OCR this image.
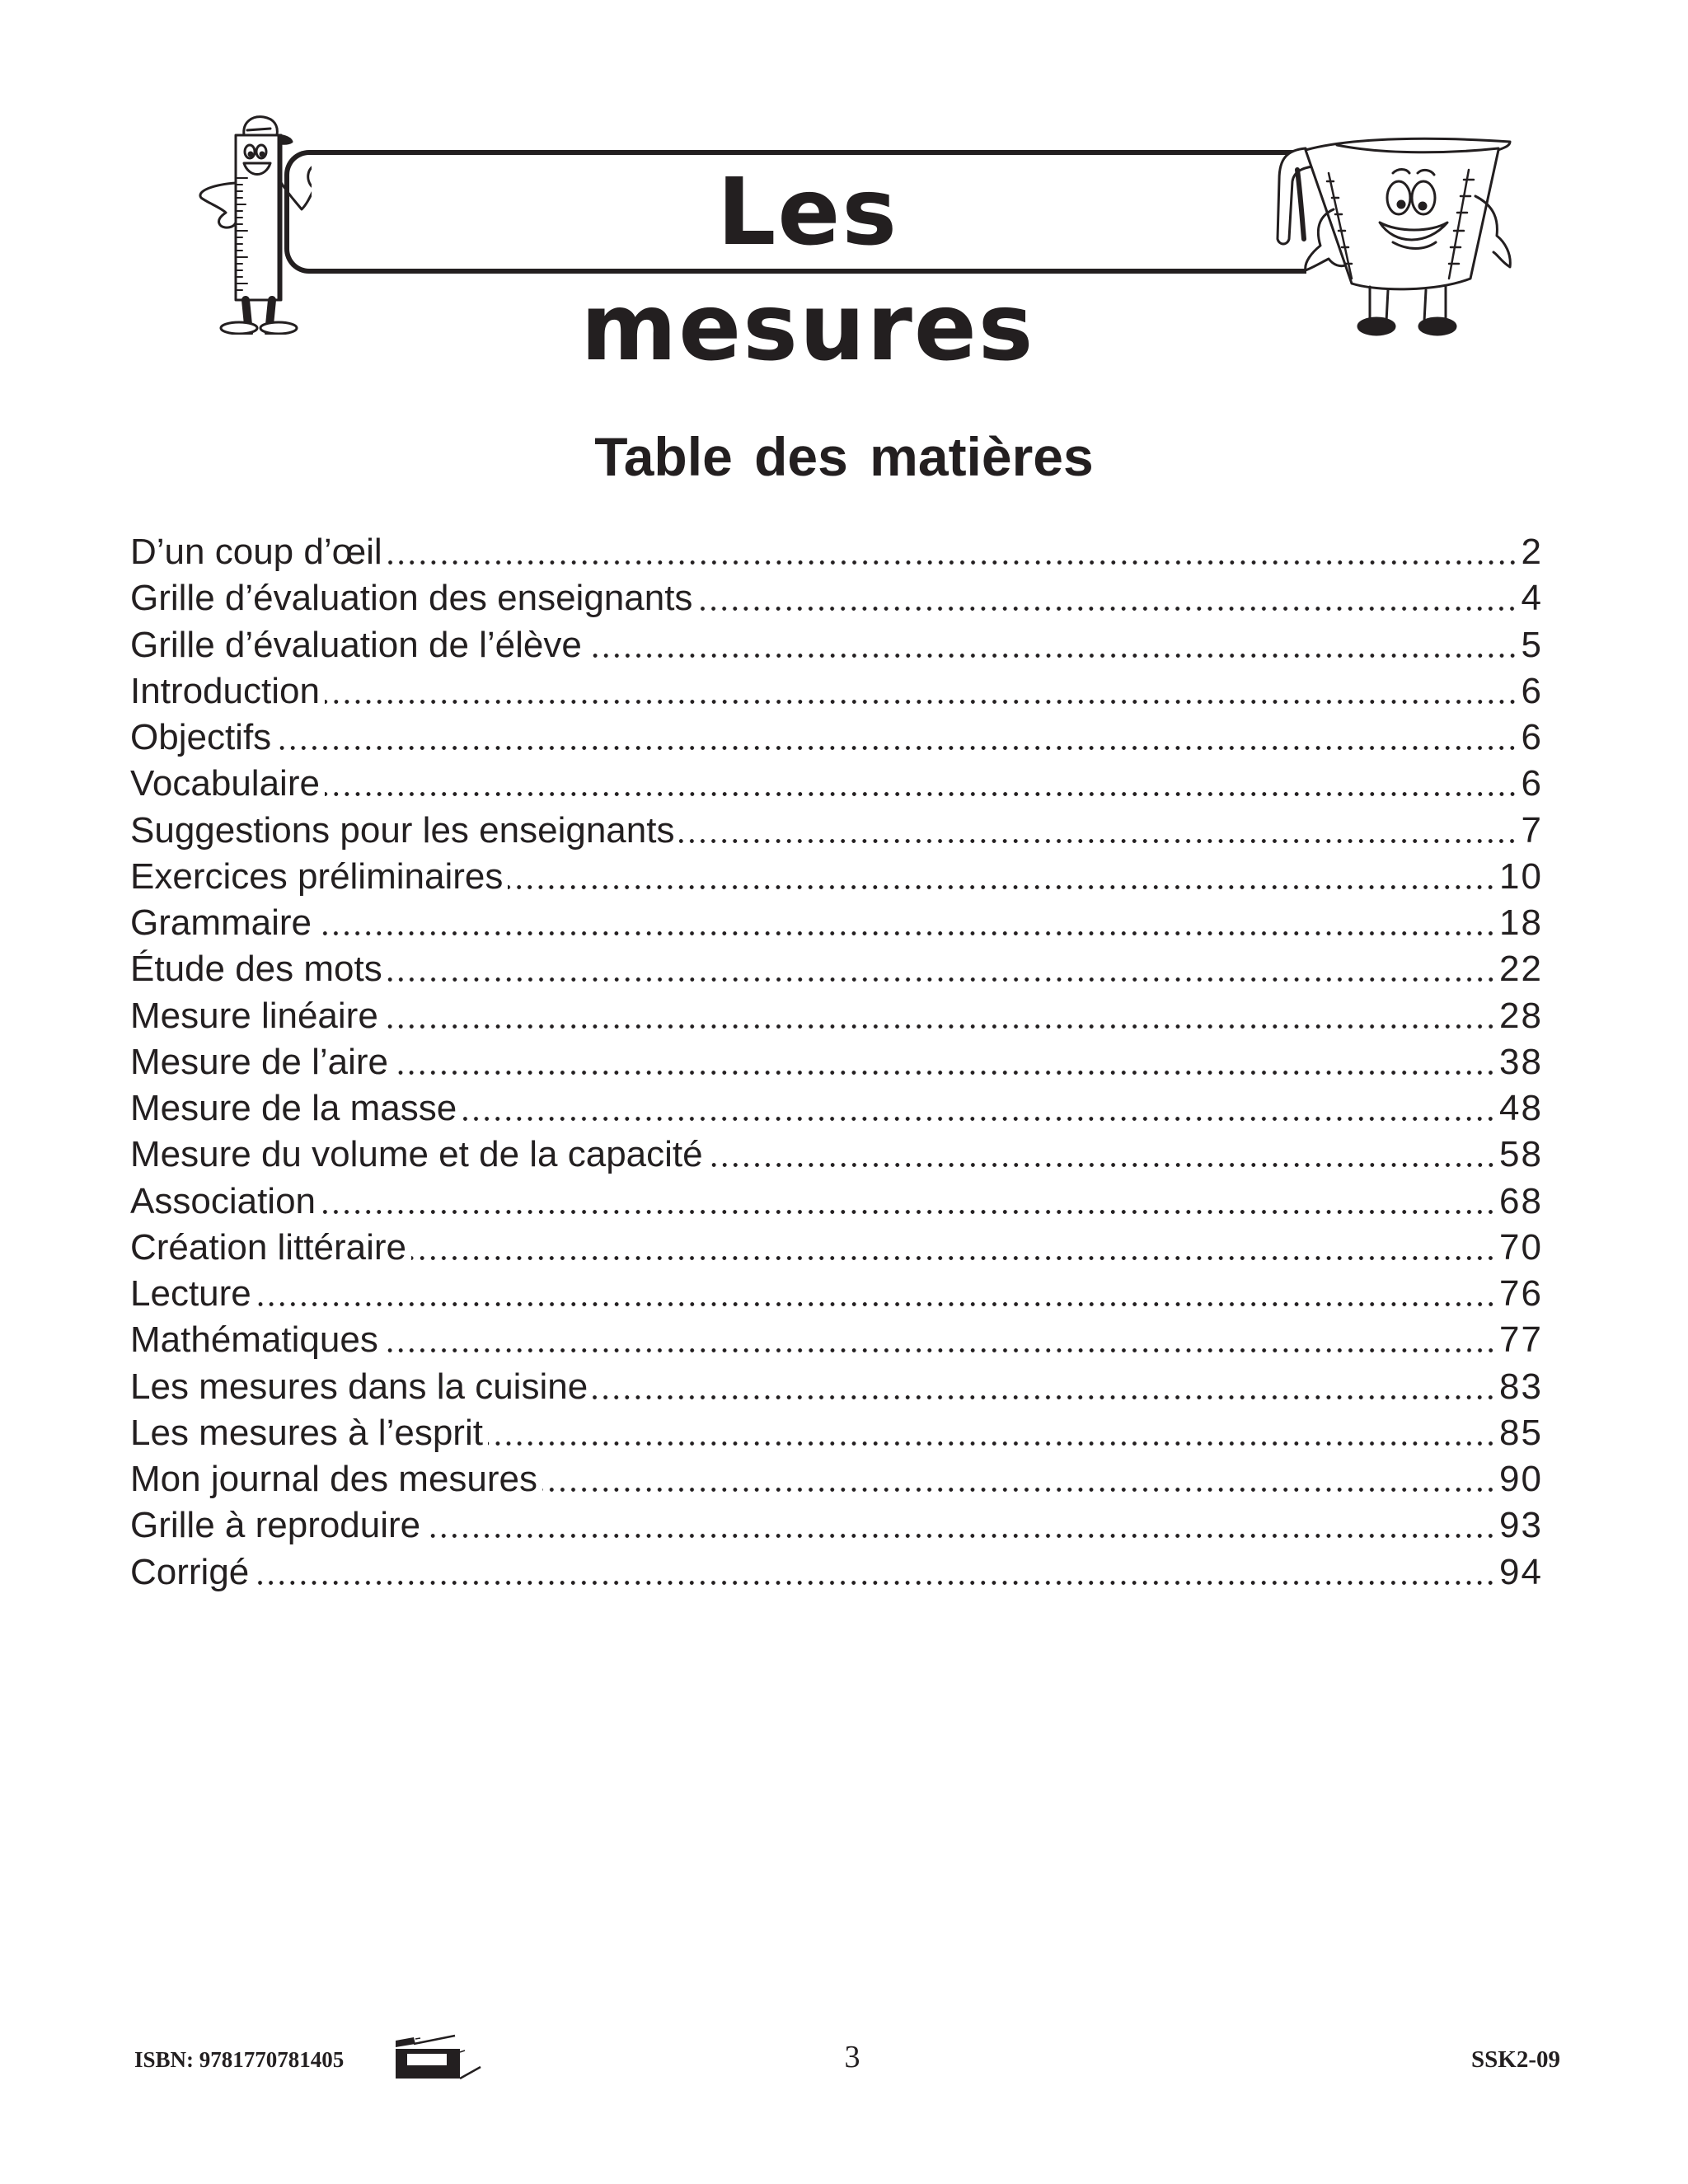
Les mesures
Table des matières
D’un coup d’œil	2
Grille d’évaluation des enseignants	4
Grille d’évaluation de l’élève	5
Introduction	6
Objectifs	6
Vocabulaire	6
Suggestions pour les enseignants	7
Exercices préliminaires	10
Grammaire	18
Étude des mots	22
Mesure linéaire	28
Mesure de l’aire	38
Mesure de la masse	48
Mesure du volume et de la capacité	58
Association	68
Création littéraire	70
Lecture	76
Mathématiques	77
Les mesures dans la cuisine	83
Les mesures à l’esprit	85
Mon journal des mesures	90
Grille à reproduire	93
Corrigé	94
ISBN: 9781770781405	3	SSK2-09
